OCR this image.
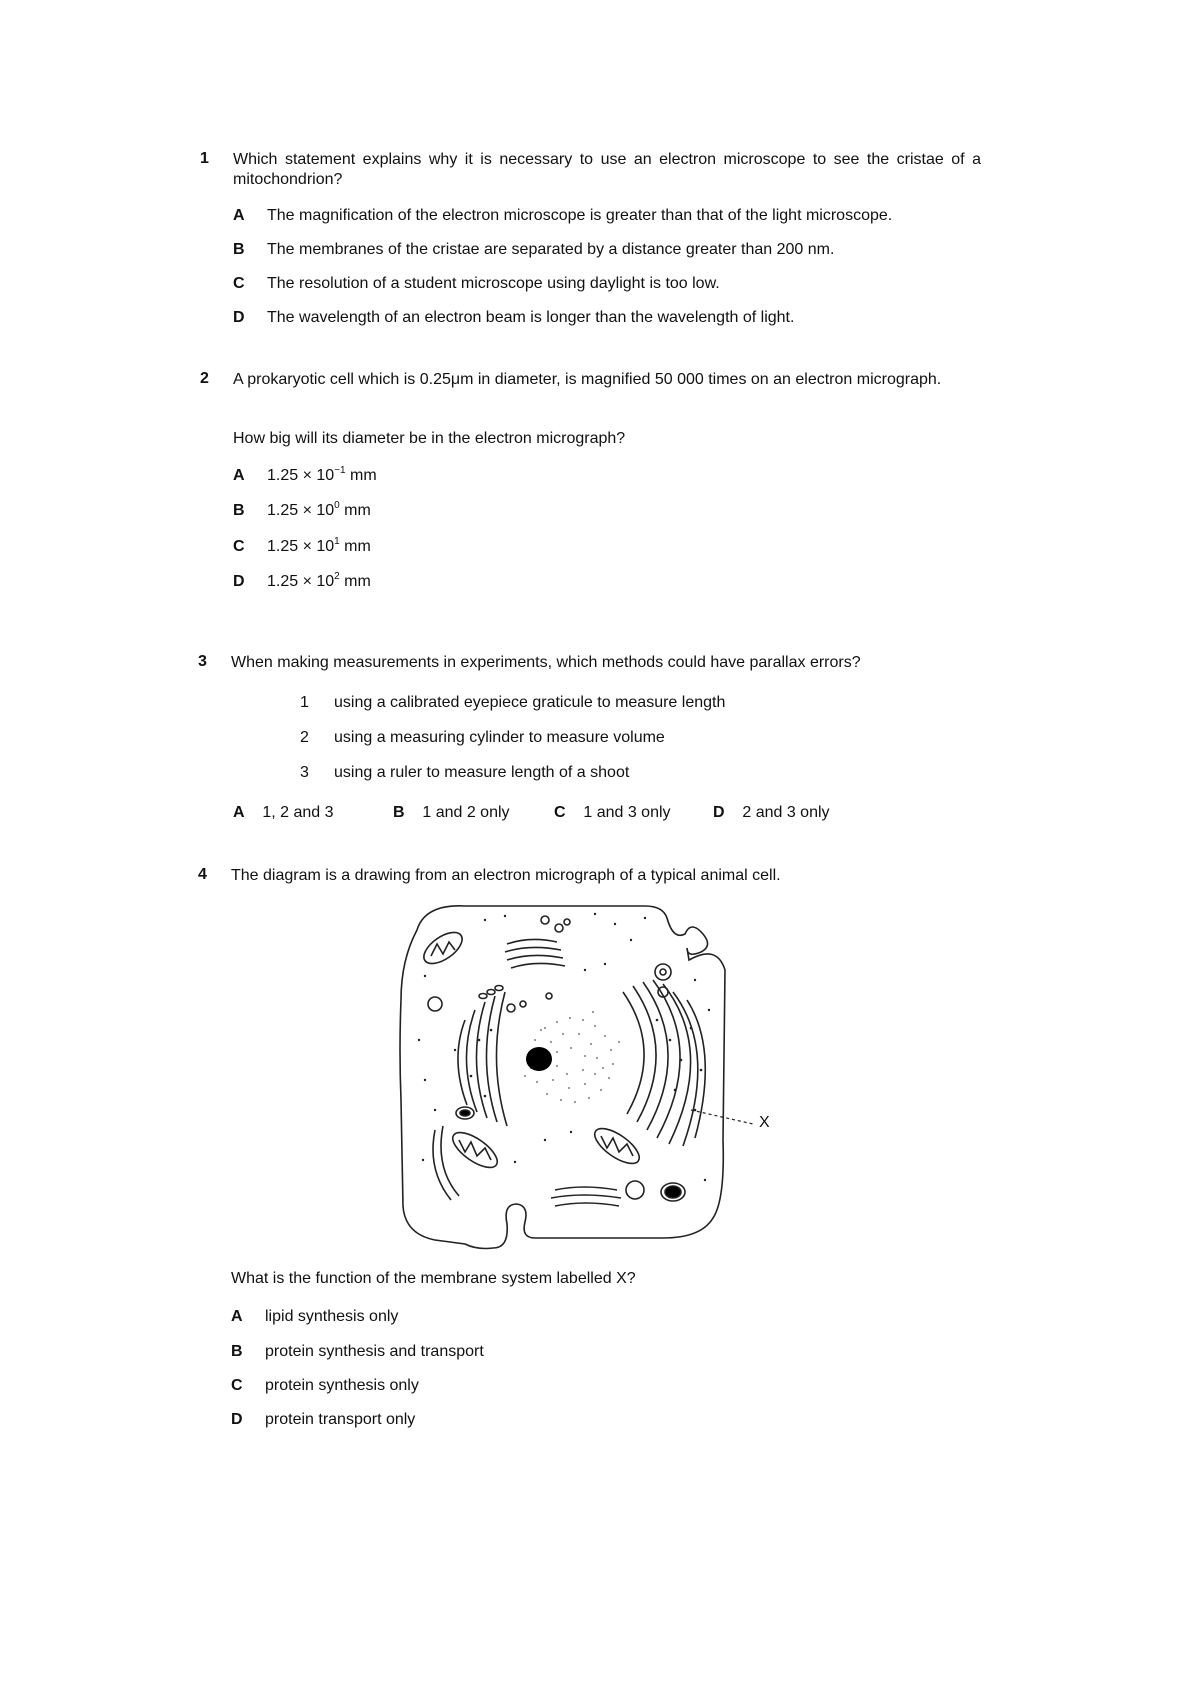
1 Which statement explains why it is necessary to use an electron microscope to see the cristae of a mitochondrion?
A The magnification of the electron microscope is greater than that of the light microscope.
B The membranes of the cristae are separated by a distance greater than 200 nm.
C The resolution of a student microscope using daylight is too low.
D The wavelength of an electron beam is longer than the wavelength of light.
2 A prokaryotic cell which is 0.25μm in diameter, is magnified 50 000 times on an electron micrograph.
How big will its diameter be in the electron micrograph?
A $1.25 \times 10^{-1}$ mm
B $1.25 \times 10^0$ mm
C $1.25 \times 10^1$ mm
D $1.25 \times 10^2$ mm
3 When making measurements in experiments, which methods could have parallax errors?
1 using a calibrated eyepiece graticule to measure length
2 using a measuring cylinder to measure volume
3 using a ruler to measure length of a shoot
A 1, 2 and 3	B 1 and 2 only	C 1 and 3 only	D 2 and 3 only
4 The diagram is a drawing from an electron micrograph of a typical animal cell.
X
What is the function of the membrane system labelled X?
A lipid synthesis only
B protein synthesis and transport
C protein synthesis only
D protein transport only
